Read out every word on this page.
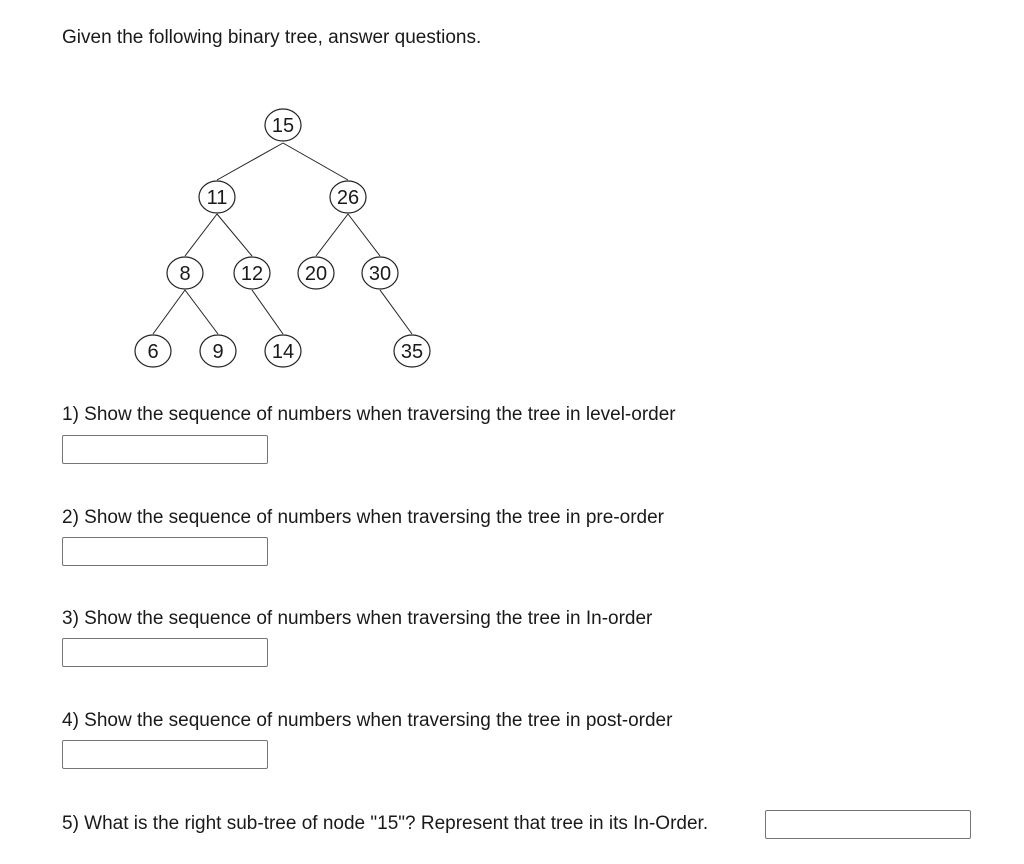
Given the following binary tree, answer questions.
15
11	26
8	12 20 30
6	9 14	35
1) Show the sequence of numbers when traversing the tree in level-order
2) Show the sequence of numbers when traversing the tree in pre-order
3) Show the sequence of numbers when traversing the tree in In-order
4) Show the sequence of numbers when traversing the tree in post-order
5) What is the right sub-tree of node "15"? Represent that tree in its In-Order.
